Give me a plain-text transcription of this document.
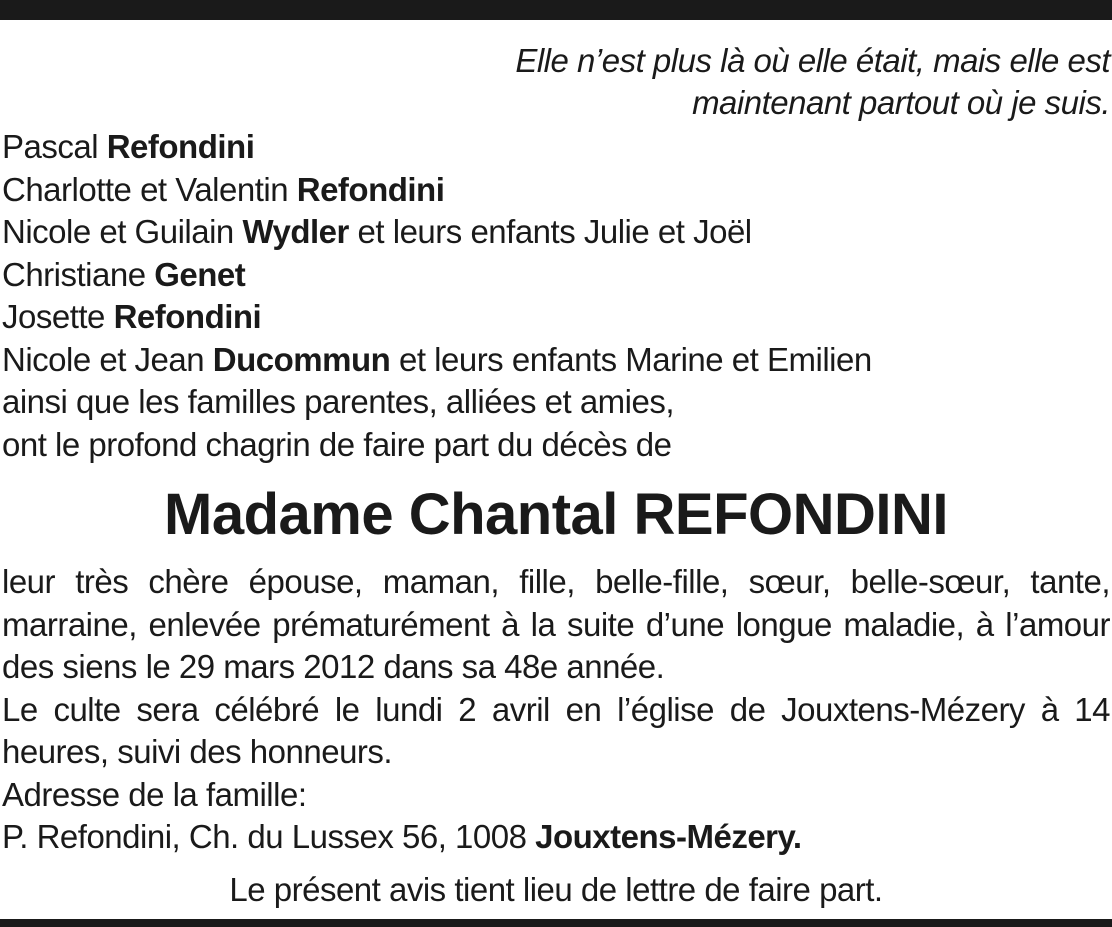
Elle n’est plus là où elle était, mais elle est

maintenant partout où je suis.

Pascal Refondini

Charlotte et Valentin Refondini

Nicole et Guilain Wydler et leurs enfants Julie et Joël

Christiane Genet

Josette Refondini

Nicole et Jean Ducommun et leurs enfants Marine et Emilien

ainsi que les familles parentes, alliées et amies,

ont le profond chagrin de faire part du décès de

Madame Chantal REFONDINI

leur très chère épouse, maman, fille, belle-fille, sœur, belle-sœur, tante, marraine, enlevée prématurément à la suite d’une longue maladie, à l’amour des siens le 29 mars 2012 dans sa 48e année.

Le culte sera célébré le lundi 2 avril en l’église de Jouxtens-Mézery à 14 heures, suivi des honneurs.

Adresse de la famille:

P. Refondini, Ch. du Lussex 56, 1008 Jouxtens-Mézery.

Le présent avis tient lieu de lettre de faire part.
